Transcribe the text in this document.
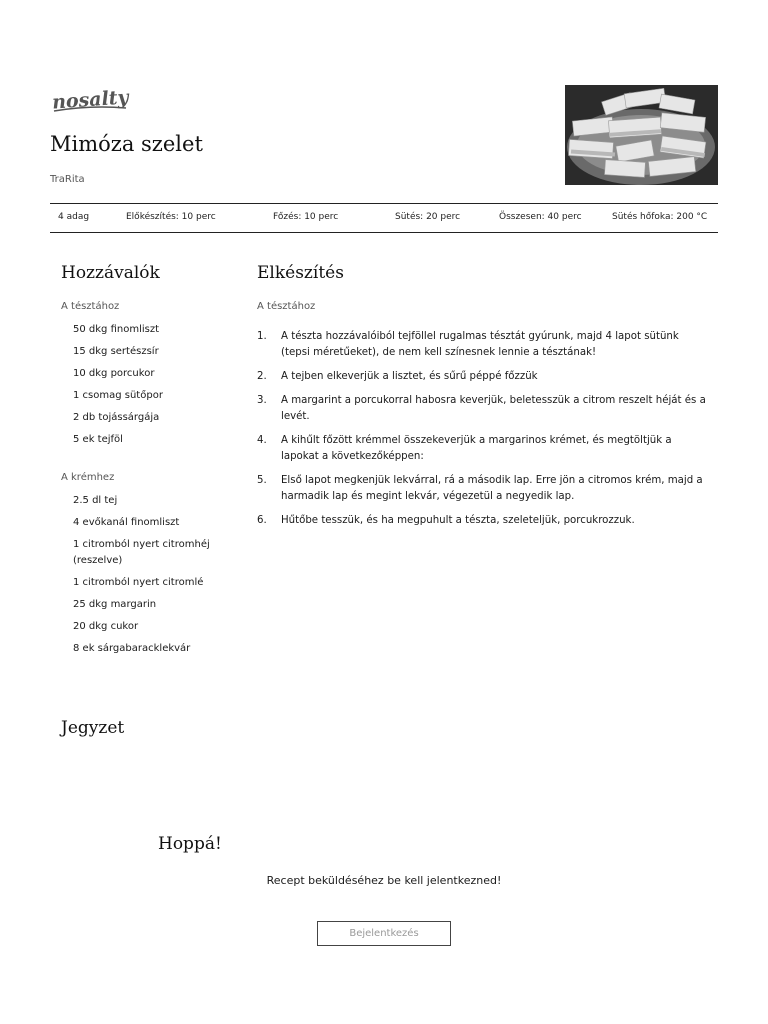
nosalty
Mimóza szelet
TraRita
4 adag	Előkészítés: 10 perc	Főzés: 10 perc	Sütés: 20 perc	Összesen: 40 perc	Sütés hőfoka: 200 °C
Hozzávalók
A tésztához
50 dkg finomliszt
15 dkg sertészsír
10 dkg porcukor
1 csomag sütőpor
2 db tojássárgája
5 ek tejföl
A krémhez
2.5 dl tej
4 evőkanál finomliszt
1 citromból nyert citromhéj (reszelve)
1 citromból nyert citromlé
25 dkg margarin
20 dkg cukor
8 ek sárgabaracklekvár
Elkészítés
A tésztához
1.	A tészta hozzávalóiból tejföllel rugalmas tésztát gyúrunk, majd 4 lapot sütünk (tepsi méretűeket), de nem kell színesnek lennie a tésztának!
2.	A tejben elkeverjük a lisztet, és sűrű péppé főzzük
3.	A margarint a porcukorral habosra keverjük, beletesszük a citrom reszelt héját és a levét.
4.	A kihűlt főzött krémmel összekeverjük a margarinos krémet, és megtöltjük a lapokat a következőképpen:
5.	Első lapot megkenjük lekvárral, rá a második lap. Erre jön a citromos krém, majd a harmadik lap és megint lekvár, végezetül a negyedik lap.
6.	Hűtőbe tesszük, és ha megpuhult a tészta, szeleteljük, porcukrozzuk.
Jegyzet
Hoppá!
Recept beküldéséhez be kell jelentkezned!
Bejelentkezés
